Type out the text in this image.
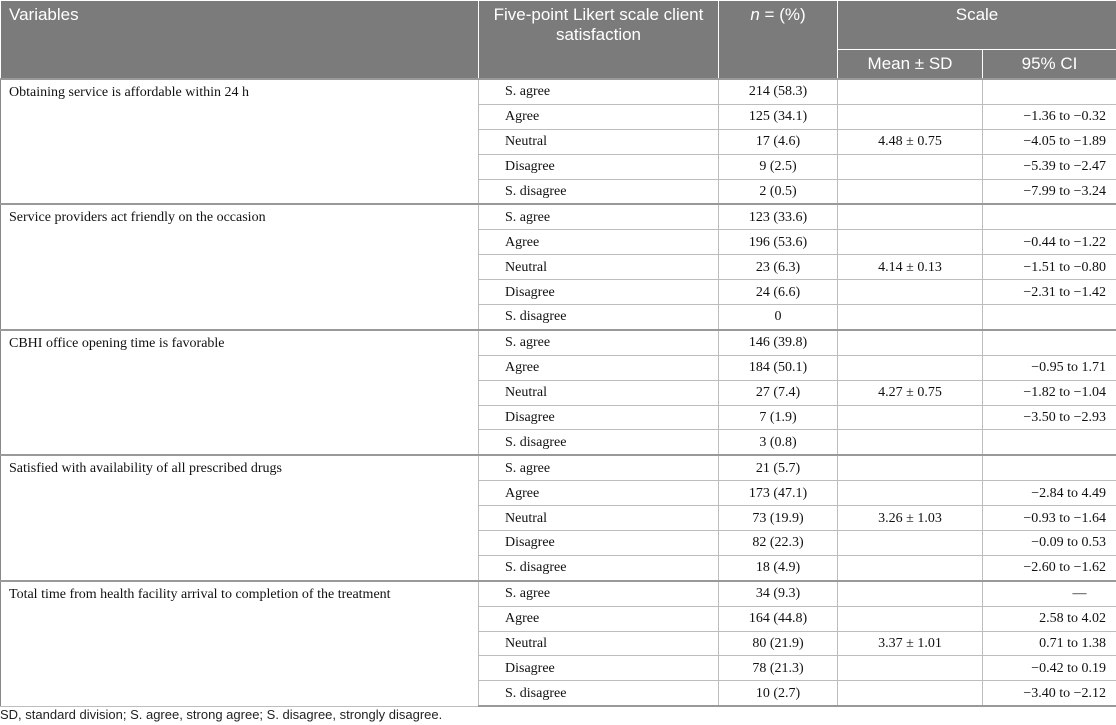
Variables	Five-point Likert scale client satisfaction	n = (%)	Scale	
			Mean ± SD	95% CI
Obtaining service is affordable within 24 h	S. agree	214 (58.3)		
	Agree	125 (34.1)		−1.36 to −0.32
	Neutral	17 (4.6)	4.48 ± 0.75	−4.05 to −1.89
	Disagree	9 (2.5)		−5.39 to −2.47
	S. disagree	2 (0.5)		−7.99 to −3.24
Service providers act friendly on the occasion	S. agree	123 (33.6)		
	Agree	196 (53.6)		−0.44 to −1.22
	Neutral	23 (6.3)	4.14 ± 0.13	−1.51 to −0.80
	Disagree	24 (6.6)		−2.31 to −1.42
	S. disagree	0		
CBHI office opening time is favorable	S. agree	146 (39.8)		
	Agree	184 (50.1)		−0.95 to 1.71
	Neutral	27 (7.4)	4.27 ± 0.75	−1.82 to −1.04
	Disagree	7 (1.9)		−3.50 to −2.93
	S. disagree	3 (0.8)		
Satisfied with availability of all prescribed drugs	S. agree	21 (5.7)		
	Agree	173 (47.1)		−2.84 to 4.49
	Neutral	73 (19.9)	3.26 ± 1.03	−0.93 to −1.64
	Disagree	82 (22.3)		−0.09 to 0.53
	S. disagree	18 (4.9)		−2.60 to −1.62
Total time from health facility arrival to completion of the treatment	S. agree	34 (9.3)		—
	Agree	164 (44.8)		2.58 to 4.02
	Neutral	80 (21.9)	3.37 ± 1.01	0.71 to 1.38
	Disagree	78 (21.3)		−0.42 to 0.19
	S. disagree	10 (2.7)		−3.40 to −2.12
SD, standard division; S. agree, strong agree; S. disagree, strongly disagree.
